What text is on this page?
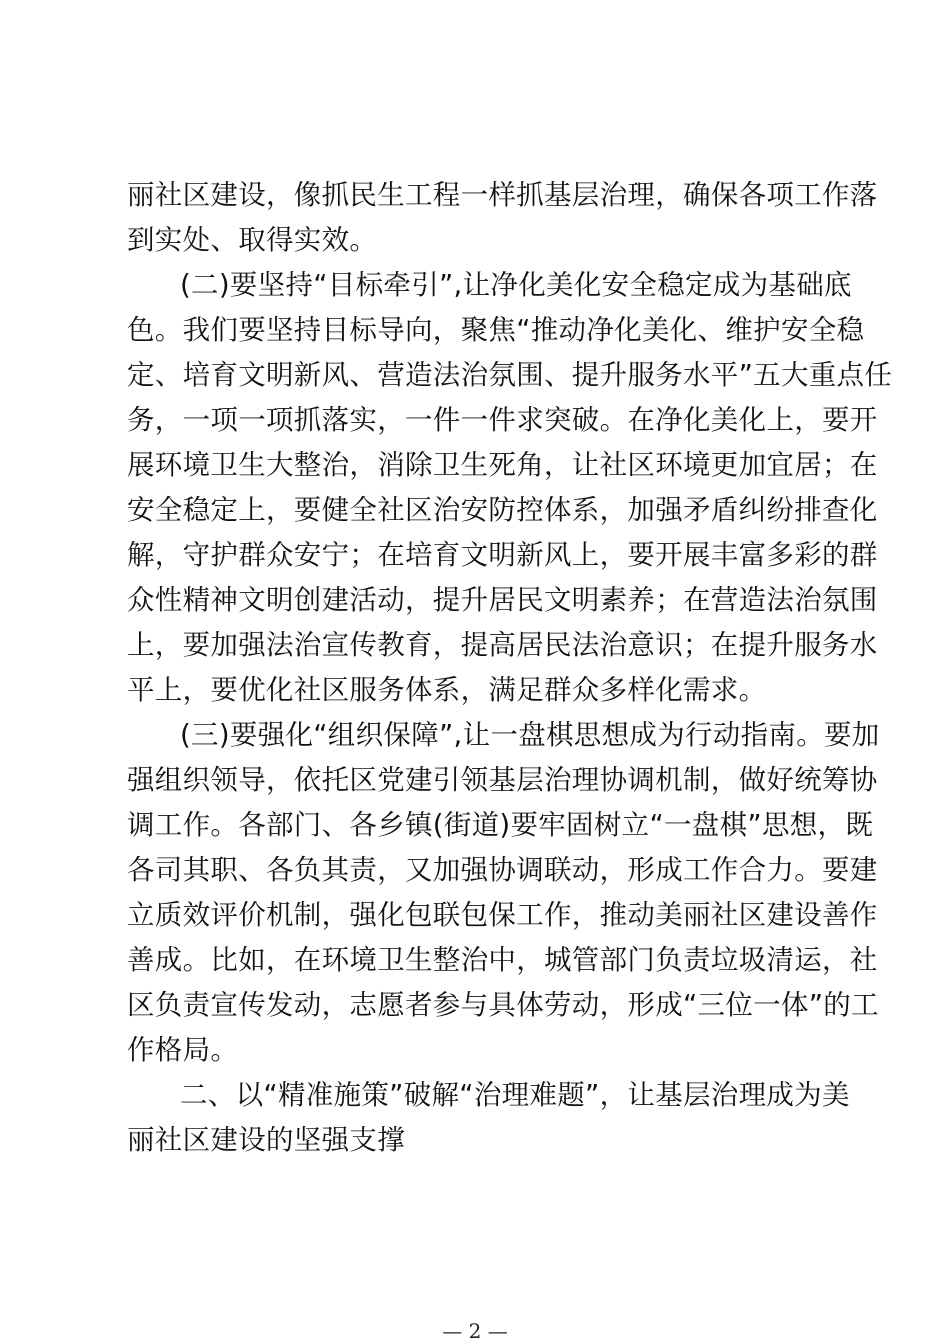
丽社区建设，像抓民生工程一样抓基层治理，确保各项工作落
到实处、取得实效。
(二)要坚持“目标牵引”,让净化美化安全稳定成为基础底
色。我们要坚持目标导向，聚焦“推动净化美化、维护安全稳
定、培育文明新风、营造法治氛围、提升服务水平”五大重点任
务，一项一项抓落实，一件一件求突破。在净化美化上，要开
展环境卫生大整治，消除卫生死角，让社区环境更加宜居；在
安全稳定上，要健全社区治安防控体系，加强矛盾纠纷排查化
解，守护群众安宁；在培育文明新风上，要开展丰富多彩的群
众性精神文明创建活动，提升居民文明素养；在营造法治氛围
上，要加强法治宣传教育，提高居民法治意识；在提升服务水
平上，要优化社区服务体系，满足群众多样化需求。
(三)要强化“组织保障”,让一盘棋思想成为行动指南。要加
强组织领导，依托区党建引领基层治理协调机制，做好统筹协
调工作。各部门、各乡镇(街道)要牢固树立“一盘棋”思想，既
各司其职、各负其责，又加强协调联动，形成工作合力。要建
立质效评价机制，强化包联包保工作，推动美丽社区建设善作
善成。比如，在环境卫生整治中，城管部门负责垃圾清运，社
区负责宣传发动，志愿者参与具体劳动，形成“三位一体”的工
作格局。
二、以“精准施策”破解“治理难题”，让基层治理成为美
丽社区建设的坚强支撑
— 2 —
